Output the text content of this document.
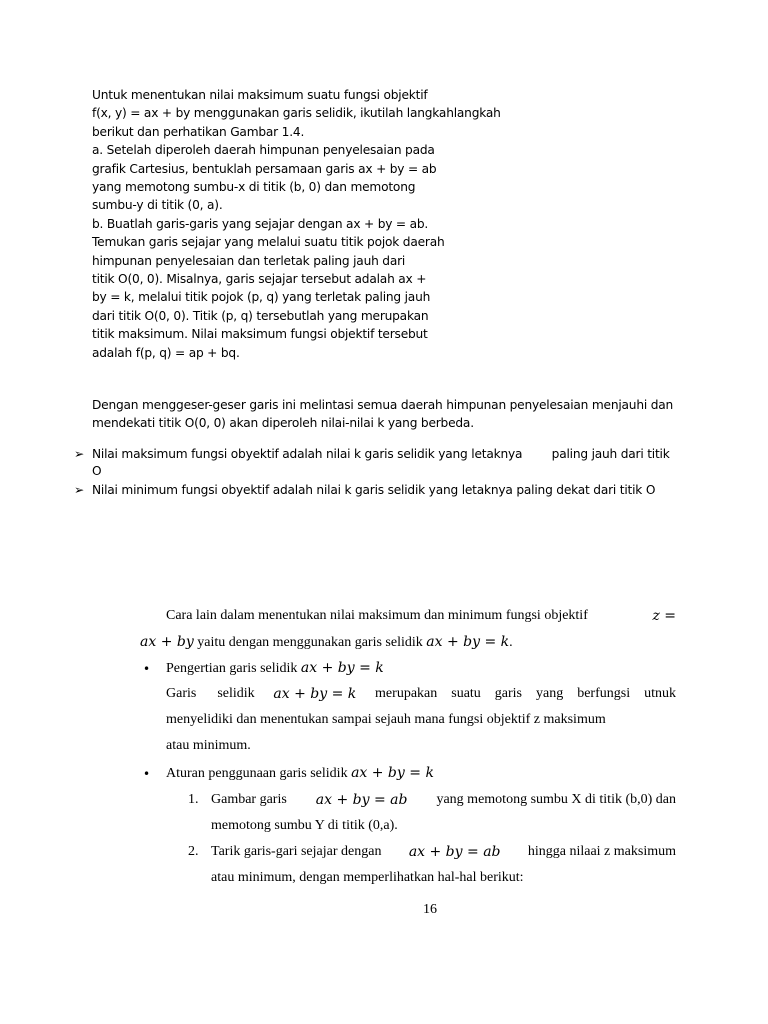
Untuk menentukan nilai maksimum suatu fungsi objektif

f(x, y) = ax + by menggunakan garis selidik, ikutilah langkahlangkah

berikut dan perhatikan Gambar 1.4.

a. Setelah diperoleh daerah himpunan penyelesaian pada

grafik Cartesius, bentuklah persamaan garis ax + by = ab

yang memotong sumbu-x di titik (b, 0) dan memotong

sumbu-y di titik (0, a).

b. Buatlah garis-garis yang sejajar dengan ax + by = ab.

Temukan garis sejajar yang melalui suatu titik pojok daerah

himpunan penyelesaian dan terletak paling jauh dari

titik O(0, 0). Misalnya, garis sejajar tersebut adalah ax +

by = k, melalui titik pojok (p, q) yang terletak paling jauh

dari titik O(0, 0). Titik (p, q) tersebutlah yang merupakan

titik maksimum. Nilai maksimum fungsi objektif tersebut

adalah f(p, q) = ap + bq.

Dengan menggeser-geser garis ini melintasi semua daerah himpunan penyelesaian menjauhi dan mendekati titik O(0, 0) akan diperoleh nilai-nilai k yang berbeda.

➢ Nilai maksimum fungsi obyektif adalah nilai k garis selidik yang letaknya        paling jauh dari titik O
➢ Nilai minimum fungsi obyektif adalah nilai k garis selidik yang letaknya paling dekat dari titik O
Cara lain dalam menentukan nilai maksimum dan minimum fungsi objektif	z =
ax + by yaitu dengan menggunakan garis selidik ax + by = k.
• Pengertian garis selidik ax + by = k
Garis      selidik ax + by = k merupakan    suatu    garis    yang    berfungsi    utnuk

menyelidiki dan menentukan sampai sejauh mana fungsi objektif z maksimum

atau minimum.

• Aturan penggunaan garis selidik ax + by = k
1. Gambar garis ax + by = ab yang memotong sumbu X di titik (b,0) dan

memotong sumbu Y di titik (0,a).

2. Tarik garis-gari sejajar dengan ax + by = ab hingga nilaai z maksimum

atau minimum, dengan memperlihatkan hal-hal berikut:

16
